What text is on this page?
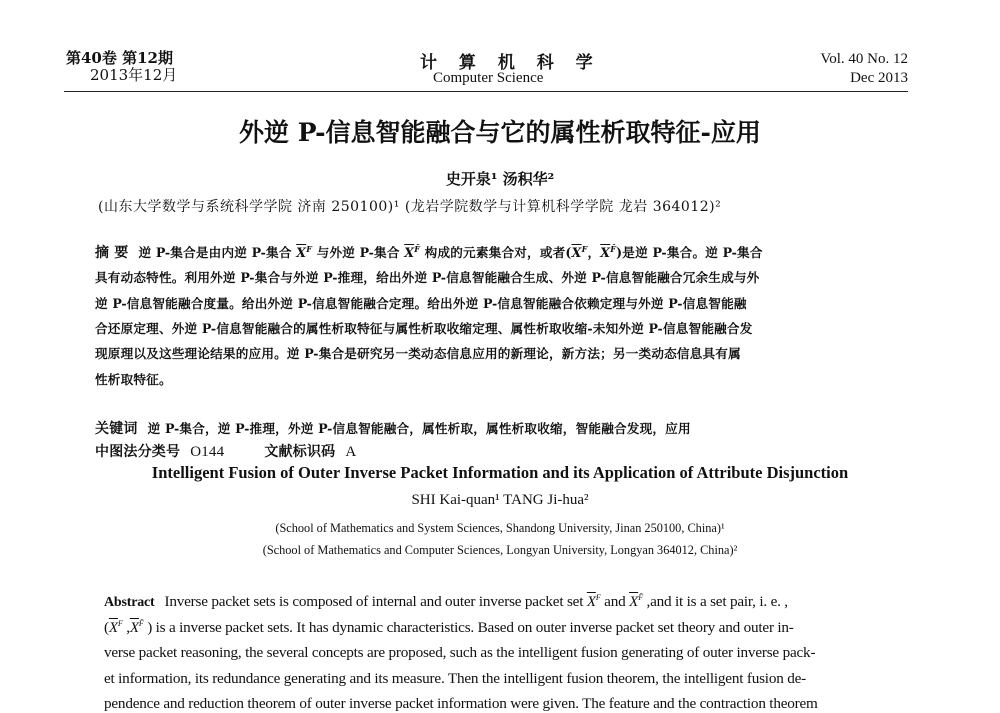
第40卷 第12期
2013年12月
计 算 机 科 学
Computer Science
Vol. 40 No. 12
Dec 2013
外逆 P-信息智能融合与它的属性析取特征-应用
史开泉¹ 汤积华²
(山东大学数学与系统科学学院 济南 250100)¹ (龙岩学院数学与计算机科学学院 龙岩 364012)²
摘 要 逆 P-集合是由内逆 P-集合 $\overline{X}^F$ 与外逆 P-集合 $\overline{X}^{F̄}$ 构成的元素集合对，或者($\overline{X}^F$，$\overline{X}^{F̄}$)是逆 P-集合。逆 P-集合
具有动态特性。利用外逆 P-集合与外逆 P-推理，给出外逆 P-信息智能融合生成、外逆 P-信息智能融合冗余生成与外
逆 P-信息智能融合度量。给出外逆 P-信息智能融合定理。给出外逆 P-信息智能融合依赖定理与外逆 P-信息智能融
合还原定理、外逆 P-信息智能融合的属性析取特征与属性析取收缩定理、属性析取收缩-未知外逆 P-信息智能融合发
现原理以及这些理论结果的应用。逆 P-集合是研究另一类动态信息应用的新理论，新方法；另一类动态信息具有属
性析取特征。
关键词 逆 P-集合，逆 P-推理，外逆 P-信息智能融合，属性析取，属性析取收缩，智能融合发现，应用
中图法分类号 O144	文献标识码 A
Intelligent Fusion of Outer Inverse Packet Information and its Application of Attribute Disjunction
SHI Kai-quan¹ TANG Ji-hua²
(School of Mathematics and System Sciences, Shandong University, Jinan 250100, China)¹
(School of Mathematics and Computer Sciences, Longyan University, Longyan 364012, China)²
Abstract Inverse packet sets is composed of internal and outer inverse packet set $\overline{X}^F$ and $\overline{X}^{F̄}$ ,and it is a set pair, i. e. ,
($\overline{X}^F$ $,\overline{X}^{F̄}$ ) is a inverse packet sets. It has dynamic characteristics. Based on outer inverse packet set theory and outer in-
verse packet reasoning, the several concepts are proposed, such as the intelligent fusion generating of outer inverse pack-
et information, its redundance generating and its measure. Then the intelligent fusion theorem, the intelligent fusion de-
pendence and reduction theorem of outer inverse packet information were given. The feature and the contraction theorem
